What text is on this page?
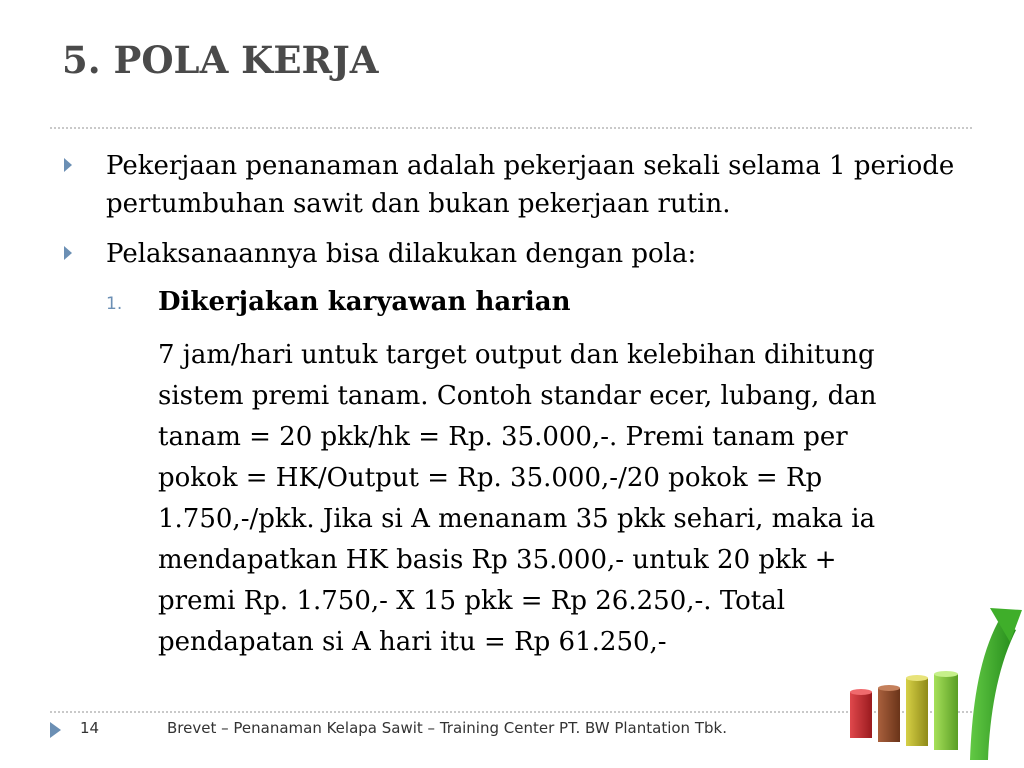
5. POLA KERJA
Pekerjaan penanaman adalah pekerjaan sekali selama 1 periode pertumbuhan sawit dan bukan pekerjaan rutin.
Pelaksanaannya bisa dilakukan dengan pola:
1. Dikerjakan karyawan harian
7 jam/hari untuk target output dan kelebihan dihitung
sistem premi tanam. Contoh standar ecer, lubang, dan
tanam = 20 pkk/hk = Rp. 35.000,-. Premi tanam per
pokok = HK/Output = Rp. 35.000,-/20 pokok = Rp
1.750,-/pkk. Jika si A menanam 35 pkk sehari, maka ia
mendapatkan HK basis Rp 35.000,- untuk 20 pkk +
premi Rp. 1.750,- X 15 pkk = Rp 26.250,-. Total
pendapatan si A hari itu = Rp 61.250,-
14	Brevet – Penanaman Kelapa Sawit – Training Center PT. BW Plantation Tbk.
